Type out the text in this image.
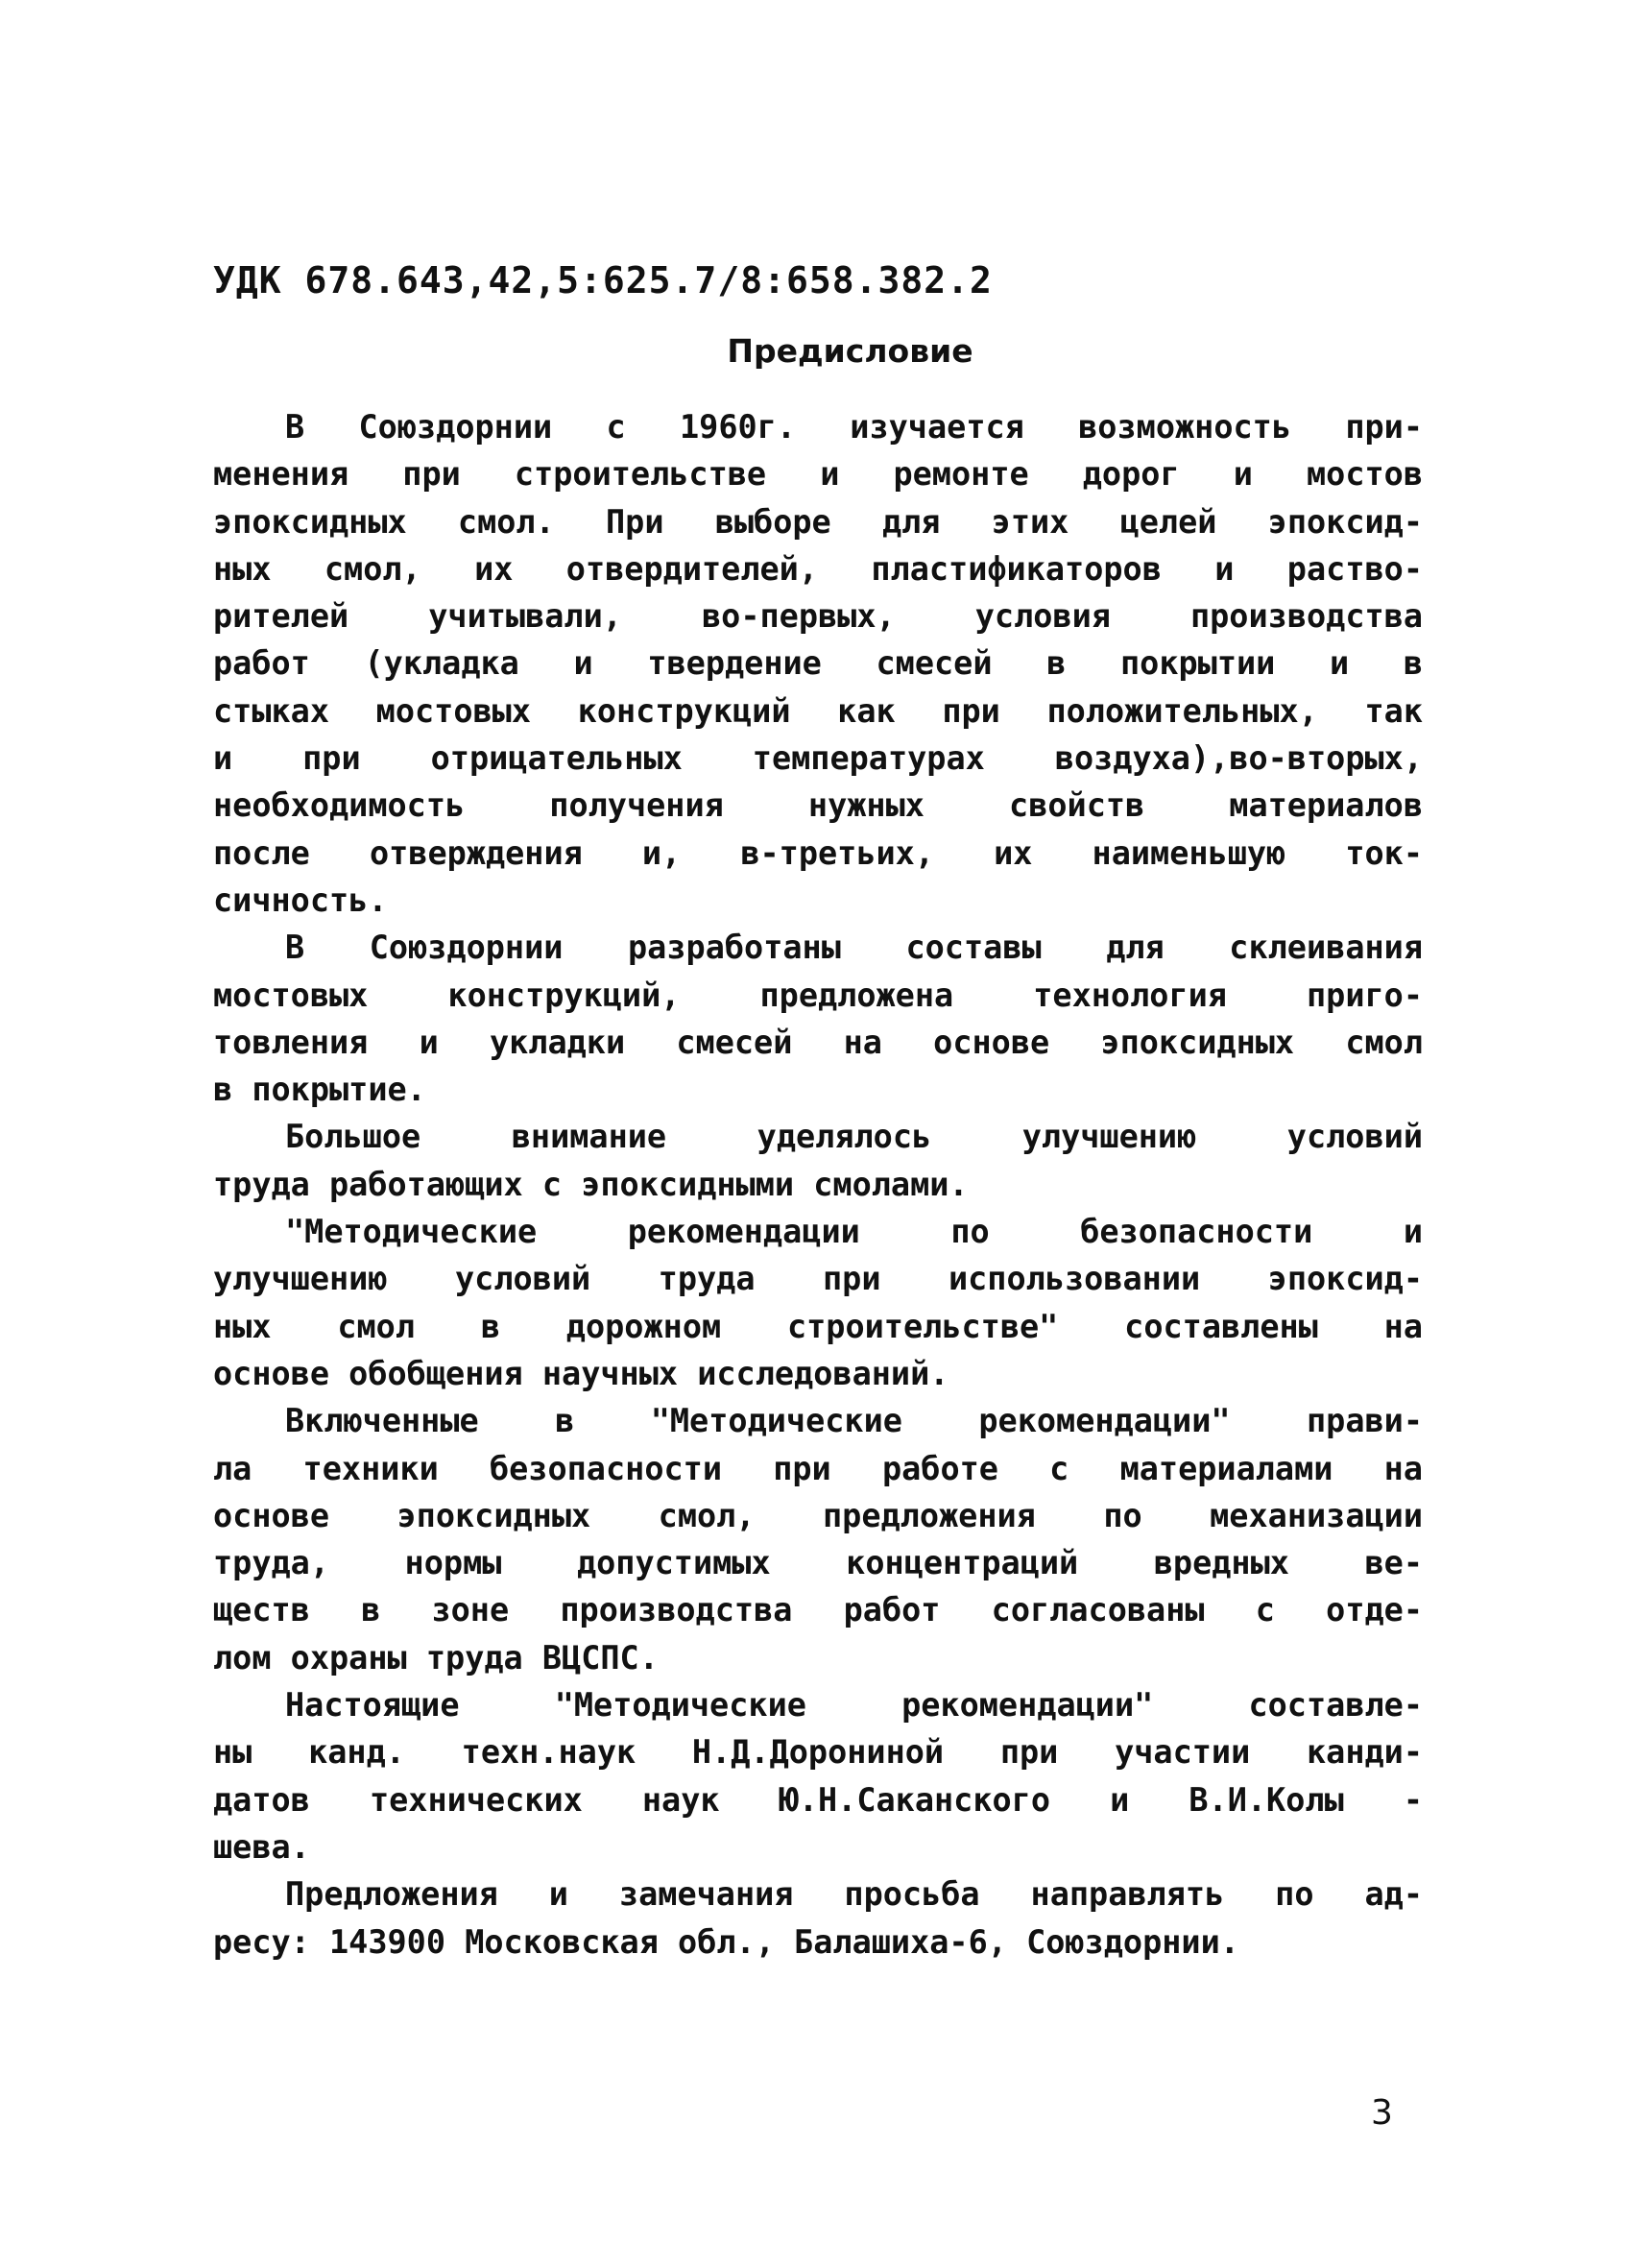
УДК 678.643,42,5:625.7/8:658.382.2
Предисловие
В Союздорнии с 1960г. изучается возможность при-
менения при строительстве и ремонте дорог и мостов
эпоксидных смол. При выборе для этих целей эпоксид-
ных смол, их отвердителей, пластификаторов и раство-
рителей учитывали, во-первых, условия производства
работ (укладка и твердение смесей в покрытии и в
стыках мостовых конструкций как при положительных, так
и при отрицательных температурах воздуха),во-вторых,
необходимость получения нужных свойств материалов
после отверждения и, в-третьих, их наименьшую ток-
сичность.
В Союздорнии разработаны составы для склеивания
мостовых конструкций, предложена технология приго-
товления и укладки смесей на основе эпоксидных смол
в покрытие.
Большое внимание уделялось улучшению условий
труда работающих с эпоксидными смолами.
"Методические рекомендации по безопасности и
улучшению условий труда при использовании эпоксид-
ных смол в дорожном строительстве" составлены на
основе обобщения научных исследований.
Включенные в "Методические рекомендации" прави-
ла техники безопасности при работе с материалами на
основе эпоксидных смол, предложения по механизации
труда, нормы допустимых концентраций вредных ве-
ществ в зоне производства работ согласованы с отде-
лом охраны труда ВЦСПС.
Настоящие "Методические рекомендации" составле-
ны канд. техн.наук Н.Д.Дорониной при участии канди-
датов технических наук Ю.Н.Саканского и В.И.Колы -
шева.
Предложения и замечания просьба направлять по ад-
ресу: 143900 Московская обл., Балашиха-6, Союздорнии.
3
